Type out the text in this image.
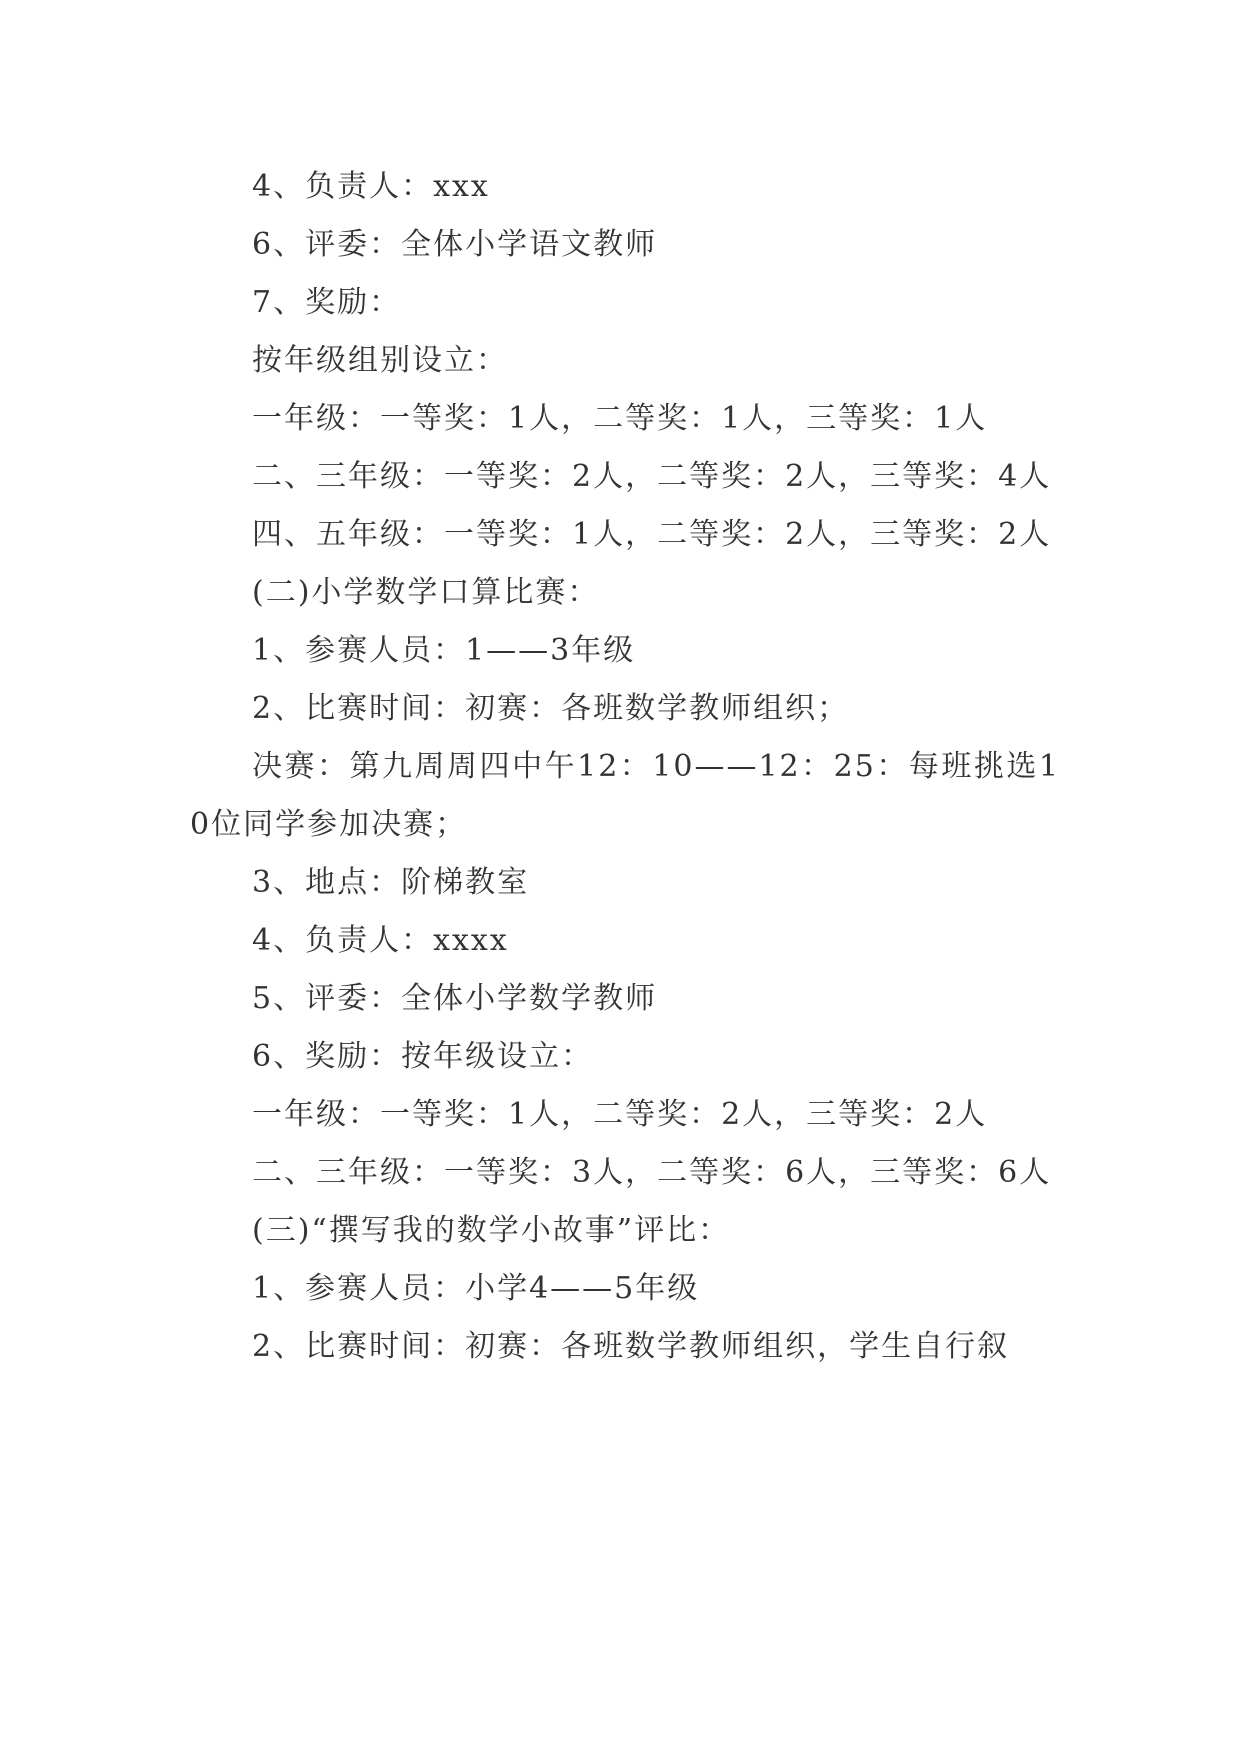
4、负责人：xxx

6、评委：全体小学语文教师

7、奖励：

按年级组别设立：

一年级：一等奖：1人，二等奖：1人，三等奖：1人

二、三年级：一等奖：2人，二等奖：2人，三等奖：4人

四、五年级：一等奖：1人，二等奖：2人，三等奖：2人

(二)小学数学口算比赛：

1、参赛人员：1——3年级

2、比赛时间：初赛：各班数学教师组织；

决赛：第九周周四中午12：10——12：25：每班挑选10位同学参加决赛；

3、地点：阶梯教室

4、负责人：xxxx

5、评委：全体小学数学教师

6、奖励：按年级设立：

一年级：一等奖：1人，二等奖：2人，三等奖：2人

二、三年级：一等奖：3人，二等奖：6人，三等奖：6人

(三)“撰写我的数学小故事”评比：

1、参赛人员：小学4——5年级

2、比赛时间：初赛：各班数学教师组织，学生自行叙
